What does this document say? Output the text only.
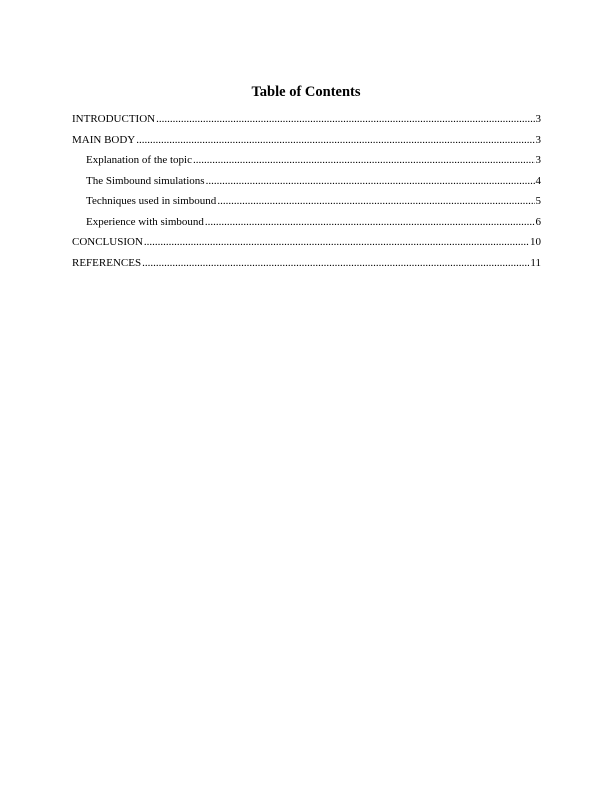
Table of Contents
INTRODUCTION .....	3
MAIN BODY .....	3
Explanation of the topic .....	3
The Simbound simulations .....	4
Techniques used in simbound .....	5
Experience with simbound .....	6
CONCLUSION .....	10
REFERENCES .....	11
